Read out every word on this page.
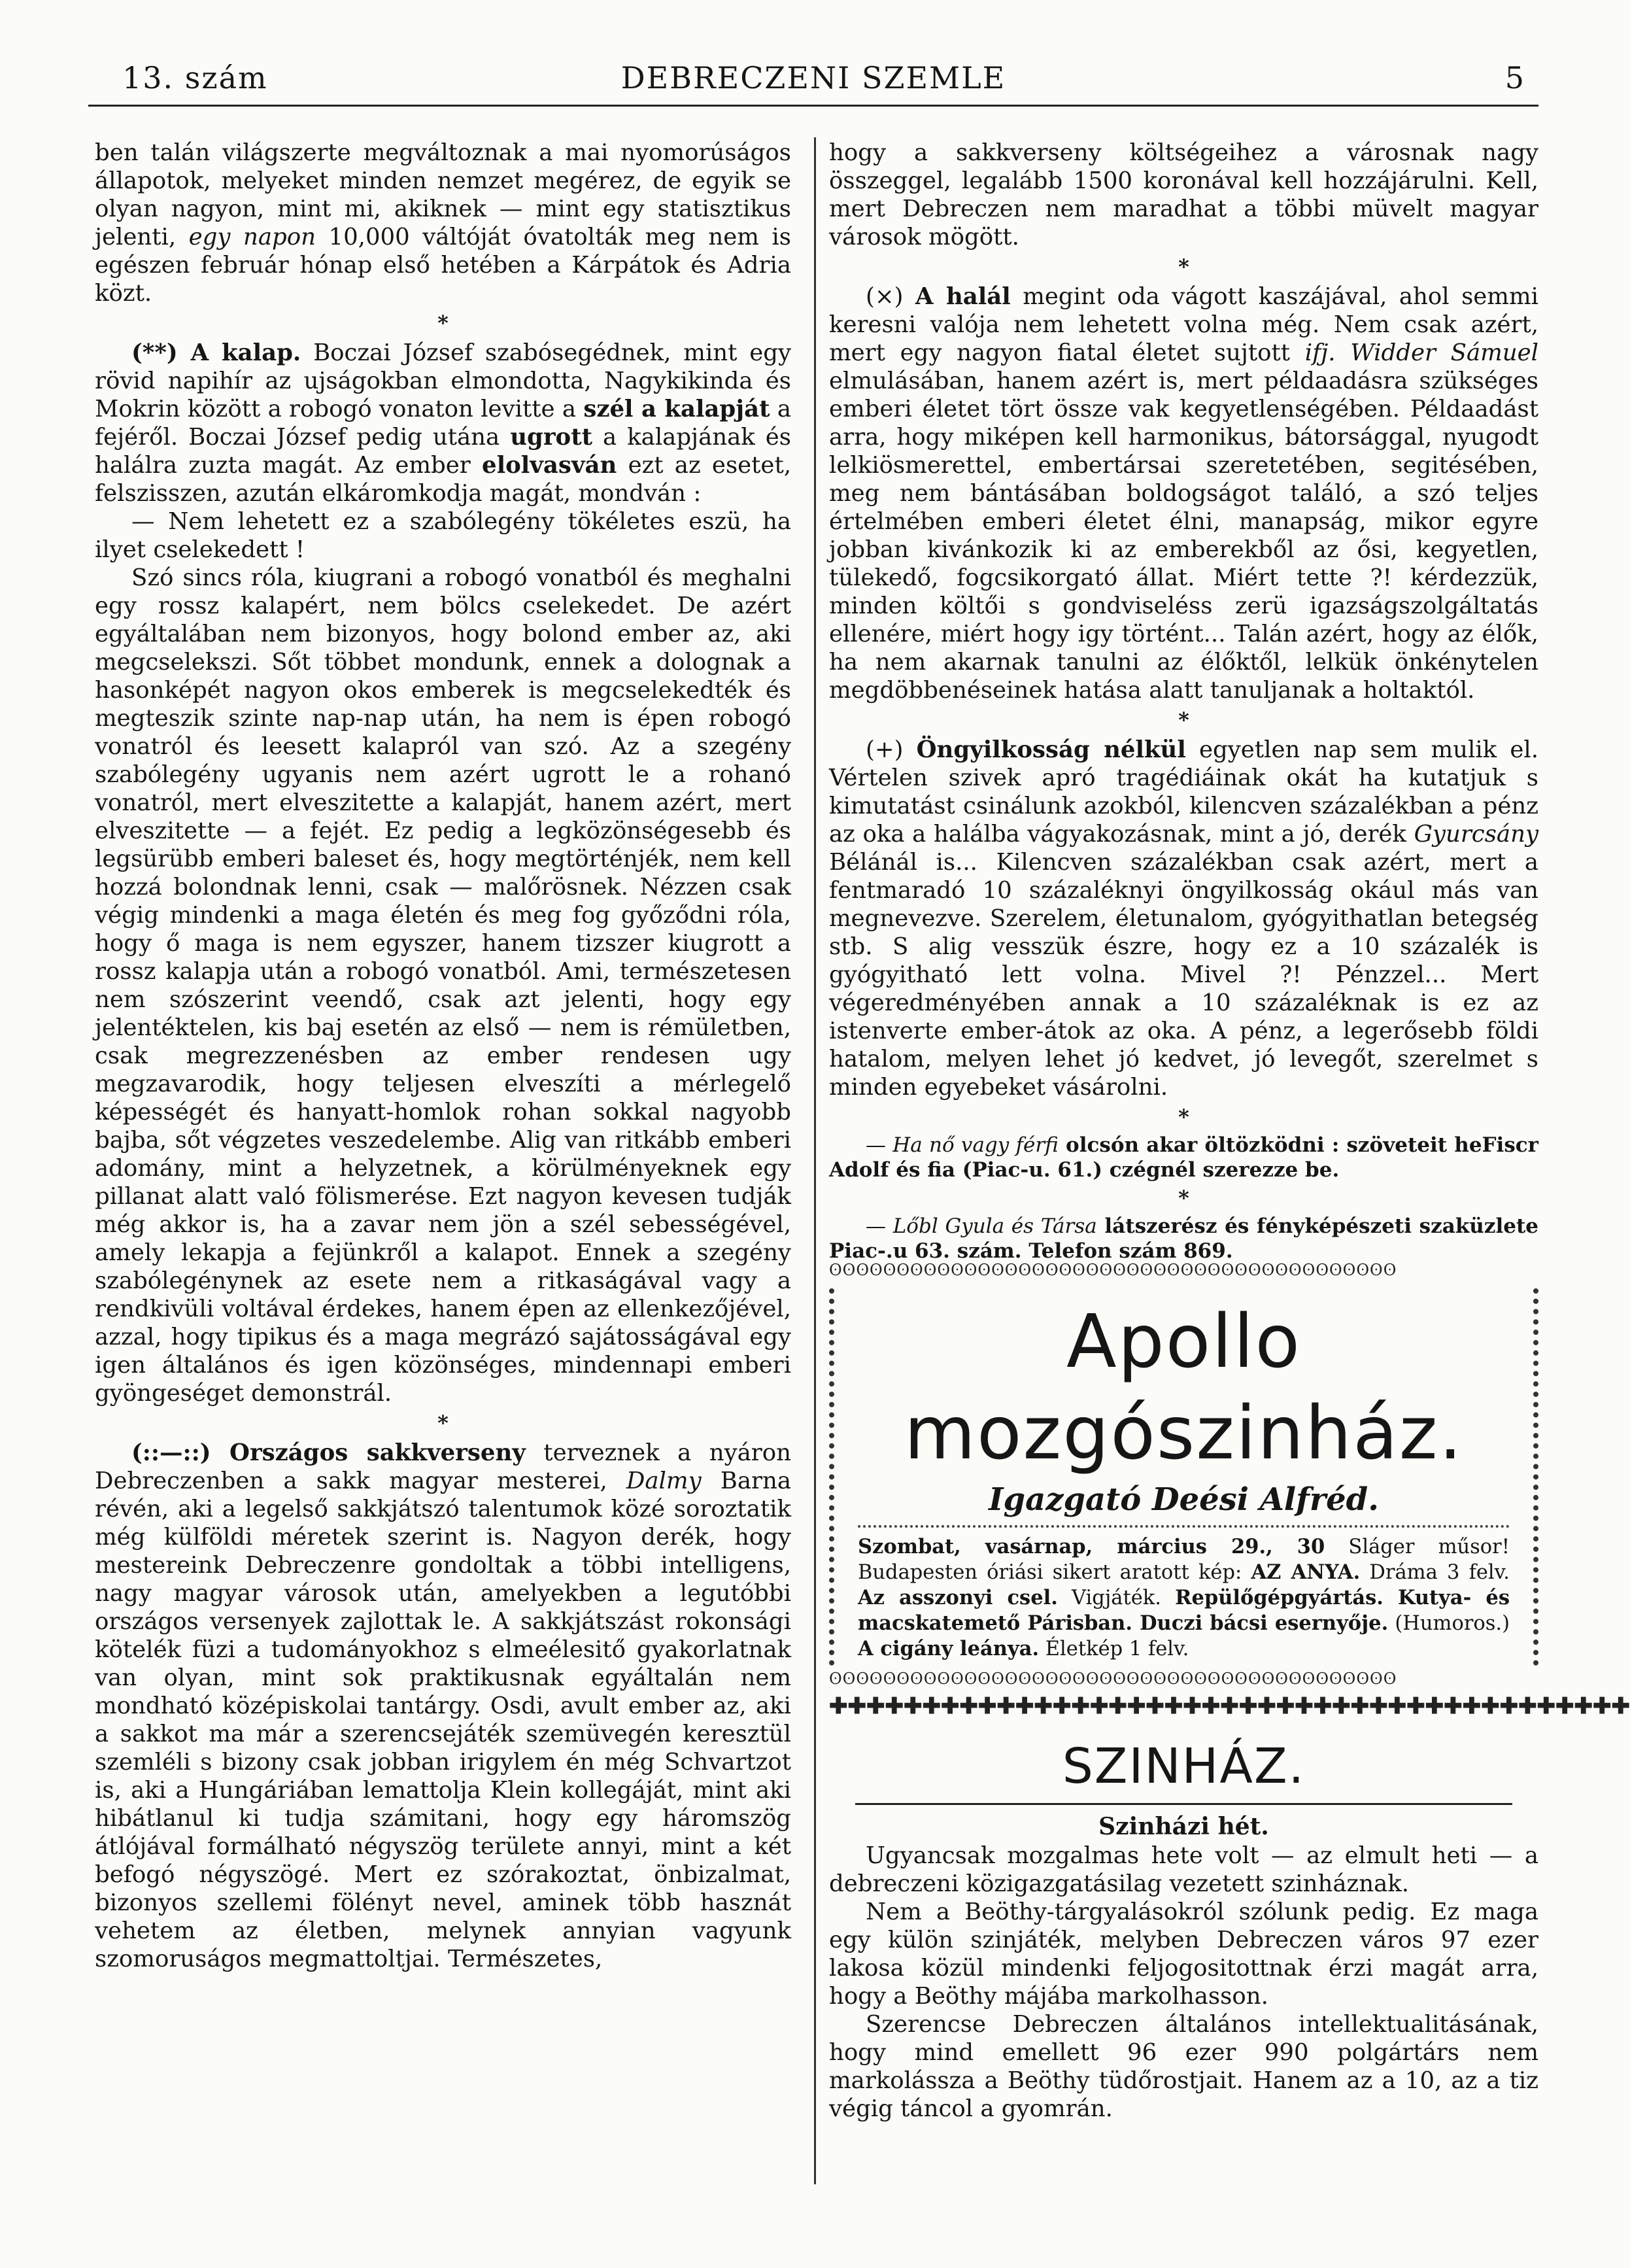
13. szám	DEBRECZENI SZEMLE	5

ben talán világszerte megváltoznak a mai nyomorúságos állapotok, melyeket minden nemzet megérez, de egyik se olyan nagyon, mint mi, akiknek — mint egy statisztikus jelenti, egy napon 10,000 váltóját óvatolták meg nem is egészen február hónap első hetében a Kárpátok és Adria közt.

*

(**) A kalap. Boczai József szabósegédnek, mint egy rövid napihír az ujságokban elmondotta, Nagykikinda és Mokrin között a robogó vonaton levitte a szél a kalapját a fejéről. Boczai József pedig utána ugrott a kalapjának és halálra zuzta magát. Az ember elolvasván ezt az esetet, felszisszen, azután elkáromkodja magát, mondván :

— Nem lehetett ez a szabólegény tökéletes eszü, ha ilyet cselekedett !

Szó sincs róla, kiugrani a robogó vonatból és meghalni egy rossz kalapért, nem bölcs cselekedet. De azért egyáltalában nem bizonyos, hogy bolond ember az, aki megcselekszi. Sőt többet mondunk, ennek a dolognak a hasonképét nagyon okos emberek is megcselekedték és megteszik szinte nap-nap után, ha nem is épen robogó vonatról és leesett kalapról van szó. Az a szegény szabólegény ugyanis nem azért ugrott le a rohanó vonatról, mert elveszitette a kalapját, hanem azért, mert elveszitette — a fejét. Ez pedig a legközönségesebb és legsürübb emberi baleset és, hogy megtörténjék, nem kell hozzá bolondnak lenni, csak — malőrösnek. Nézzen csak végig mindenki a maga életén és meg fog győződni róla, hogy ő maga is nem egyszer, hanem tizszer kiugrott a rossz kalapja után a robogó vonatból. Ami, természetesen nem szószerint veendő, csak azt jelenti, hogy egy jelentéktelen, kis baj esetén az első — nem is rémületben, csak megrezzenésben az ember rendesen ugy megzavarodik, hogy teljesen elveszíti a mérlegelő képességét és hanyatt-homlok rohan sokkal nagyobb bajba, sőt végzetes veszedelembe. Alig van ritkább emberi adomány, mint a helyzetnek, a körülményeknek egy pillanat alatt való fölismerése. Ezt nagyon kevesen tudják még akkor is, ha a zavar nem jön a szél sebességével, amely lekapja a fejünkről a kalapot. Ennek a szegény szabólegénynek az esete nem a ritkaságával vagy a rendkivüli voltával érdekes, hanem épen az ellenkezőjével, azzal, hogy tipikus és a maga megrázó sajátosságával egy igen általános és igen közönséges, mindennapi emberi gyöngeséget demonstrál.

*

(::—::) Országos sakkverseny terveznek a nyáron Debreczenben a sakk magyar mesterei, Dalmy Barna révén, aki a legelső sakkjátszó talentumok közé soroztatik még külföldi méretek szerint is. Nagyon derék, hogy mestereink Debreczenre gondoltak a többi intelligens, nagy magyar városok után, amelyekben a legutóbbi országos versenyek zajlottak le. A sakkjátszást rokonsági kötelék füzi a tudományokhoz s elmeélesitő gyakorlatnak van olyan, mint sok praktikusnak egyáltalán nem mondható középiskolai tantárgy. Osdi, avult ember az, aki a sakkot ma már a szerencsejáték szemüvegén keresztül szemléli s bizony csak jobban irigylem én még Schvartzot is, aki a Hungáriában lemattolja Klein kollegáját, mint aki hibátlanul ki tudja számitani, hogy egy háromszög átlójával formálható négyszög területe annyi, mint a két befogó négyszögé. Mert ez szórakoztat, önbizalmat, bizonyos szellemi fölényt nevel, aminek több hasznát vehetem az életben, melynek annyian vagyunk szomoruságos megmattoltjai. Természetes,

hogy a sakkverseny költségeihez a városnak nagy összeggel, legalább 1500 koronával kell hozzájárulni. Kell, mert Debreczen nem maradhat a többi müvelt magyar városok mögött.

*

(×) A halál megint oda vágott kaszájával, ahol semmi keresni valója nem lehetett volna még. Nem csak azért, mert egy nagyon fiatal életet sujtott ifj. Widder Sámuel elmulásában, hanem azért is, mert példaadásra szükséges emberi életet tört össze vak kegyetlenségében. Példaadást arra, hogy miképen kell harmonikus, bátorsággal, nyugodt lelkiösmerettel, embertársai szeretetében, segitésében, meg nem bántásában boldogságot találó, a szó teljes értelmében emberi életet élni, manapság, mikor egyre jobban kivánkozik ki az emberekből az ősi, kegyetlen, tülekedő, fogcsikorgató állat. Miért tette ?! kérdezzük, minden költői s gondviseléss zerü igazságszolgáltatás ellenére, miért hogy igy történt... Talán azért, hogy az élők, ha nem akarnak tanulni az élőktől, lelkük önkénytelen megdöbbenéseinek hatása alatt tanuljanak a holtaktól.

*

(+) Öngyilkosság nélkül egyetlen nap sem mulik el. Vértelen szivek apró tragédiáinak okát ha kutatjuk s kimutatást csinálunk azokból, kilencven százalékban a pénz az oka a halálba vágyakozásnak, mint a jó, derék Gyurcsány Bélánál is... Kilencven százalékban csak azért, mert a fentmaradó 10 százaléknyi öngyilkosság okául más van megnevezve. Szerelem, életunalom, gyógyithatlan betegség stb. S alig vesszük észre, hogy ez a 10 százalék is gyógyitható lett volna. Mivel ?! Pénzzel... Mert végeredményében annak a 10 százaléknak is ez az istenverte ember-átok az oka. A pénz, a legerősebb földi hatalom, melyen lehet jó kedvet, jó levegőt, szerelmet s minden egyebeket vásárolni.

*

— Ha nő vagy férfi olcsón akar öltözködni : szöveteit heFiscr Adolf és fia (Piac-u. 61.) czégnél szerezze be.

*

— Lőbl Gyula és Társa látszerész és fényképészeti szaküzlete Piac-.u 63. szám. Telefon szám 869.

ʘʘʘʘʘʘʘʘʘʘʘʘʘʘʘʘʘʘʘʘʘʘʘʘʘʘʘʘʘʘʘʘʘʘʘʘʘʘʘʘʘʘ
Apollo mozgószinház.
Igazgató Deési Alfréd.
Szombat, vasárnap, március 29., 30 Sláger műsor! Budapesten óriási sikert aratott kép: AZ ANYA. Dráma 3 felv. Az asszonyi csel. Vigjáték. Repülőgépgyártás. Kutya- és macskatemető Párisban. Duczi bácsi esernyője. (Humoros.) A cigány leánya. Életkép 1 felv.
ʘʘʘʘʘʘʘʘʘʘʘʘʘʘʘʘʘʘʘʘʘʘʘʘʘʘʘʘʘʘʘʘʘʘʘʘʘʘʘʘʘʘ
✚✚✚✚✚✚✚✚✚✚✚✚✚✚✚✚✚✚✚✚✚✚✚✚✚✚✚✚✚✚✚✚✚✚✚✚✚✚✚✚✚✚✚
SZINHÁZ.
Szinházi hét.

Ugyancsak mozgalmas hete volt — az elmult heti — a debreczeni közigazgatásilag vezetett szinháznak.

Nem a Beöthy-tárgyalásokról szólunk pedig. Ez maga egy külön szinjáték, melyben Debreczen város 97 ezer lakosa közül mindenki feljogositottnak érzi magát arra, hogy a Beöthy májába markolhasson.

Szerencse Debreczen általános intellektualitásának, hogy mind emellett 96 ezer 990 polgártárs nem markolássza a Beöthy tüdőrostjait. Hanem az a 10, az a tiz végig táncol a gyomrán.
